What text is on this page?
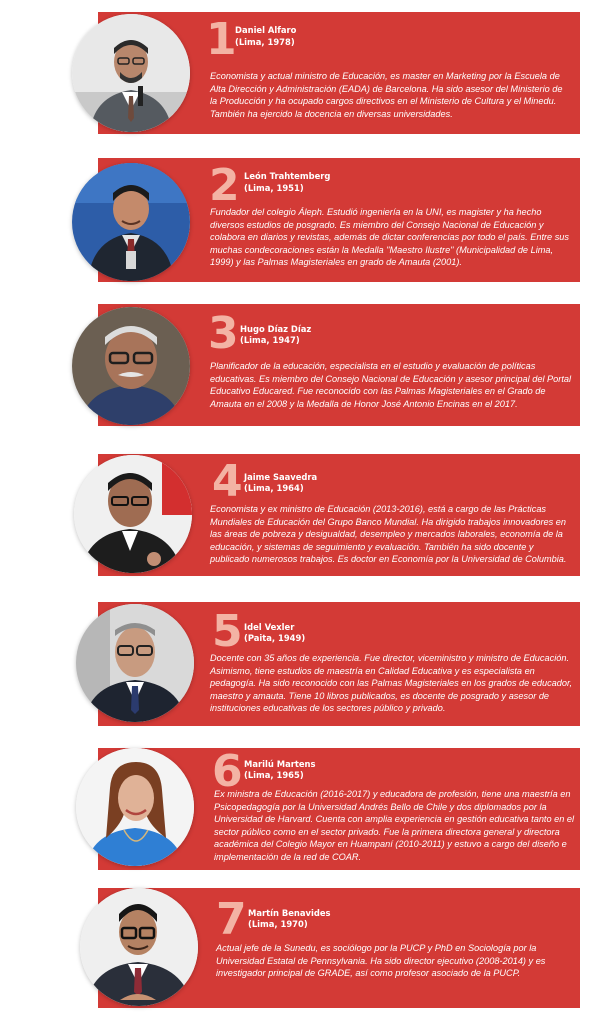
1 Daniel Alfaro
(Lima, 1978)

Economista y actual ministro de Educación, es master en Marketing por la Escuela de Alta Dirección y Administración (EADA) de Barcelona. Ha sido asesor del Ministerio de la Producción y ha ocupado cargos directivos en el Ministerio de Cultura y el Minedu. También ha ejercido la docencia en diversas universidades.

2 León Trahtemberg
(Lima, 1951)

Fundador del colegio Áleph. Estudió ingeniería en la UNI, es magister y ha hecho diversos estudios de posgrado. Es miembro del Consejo Nacional de Educación y colabora en diarios y revistas, además de dictar conferencias por todo el país. Entre sus muchas condecoraciones están la Medalla "Maestro Ilustre" (Municipalidad de Lima, 1999) y las Palmas Magisteriales en grado de Amauta (2001).

3 Hugo Díaz Díaz
(Lima, 1947)

Planificador de la educación, especialista en el estudio y evaluación de políticas educativas. Es miembro del Consejo Nacional de Educación y asesor principal del Portal Educativo Educared. Fue reconocido con las Palmas Magisteriales en el Grado de Amauta en el 2008 y la Medalla de Honor José Antonio Encinas en el 2017.

4 Jaime Saavedra
(Lima, 1964)

Economista y ex ministro de Educación (2013-2016), está a cargo de las Prácticas Mundiales de Educación del Grupo Banco Mundial. Ha dirigido trabajos innovadores en las áreas de pobreza y desigualdad, desempleo y mercados laborales, economía de la educación, y sistemas de seguimiento y evaluación. También ha sido docente y publicado numerosos trabajos. Es doctor en Economía por la Universidad de Columbia.

5 Idel Vexler
(Paita, 1949)

Docente con 35 años de experiencia. Fue director, viceministro y ministro de Educación. Asimismo, tiene estudios de maestría en Calidad Educativa y es especialista en pedagogía. Ha sido reconocido con las Palmas Magisteriales en los grados de educador, maestro y amauta. Tiene 10 libros publicados, es docente de posgrado y asesor de instituciones educativas de los sectores público y privado.

6 Marilú Martens
(Lima, 1965)

Ex ministra de Educación (2016-2017) y educadora de profesión, tiene una maestría en Psicopedagogía por la Universidad Andrés Bello de Chile y dos diplomados por la Universidad de Harvard. Cuenta con amplia experiencia en gestión educativa tanto en el sector público como en el sector privado. Fue la primera directora general y directora académica del Colegio Mayor en Huampaní (2010-2011) y estuvo a cargo del diseño e implementación de la red de COAR.

7 Martín Benavides
(Lima, 1970)

Actual jefe de la Sunedu, es sociólogo por la PUCP y PhD en Sociología por la Universidad Estatal de Pennsylvania. Ha sido director ejecutivo (2008-2014) y es investigador principal de GRADE, así como profesor asociado de la PUCP.
